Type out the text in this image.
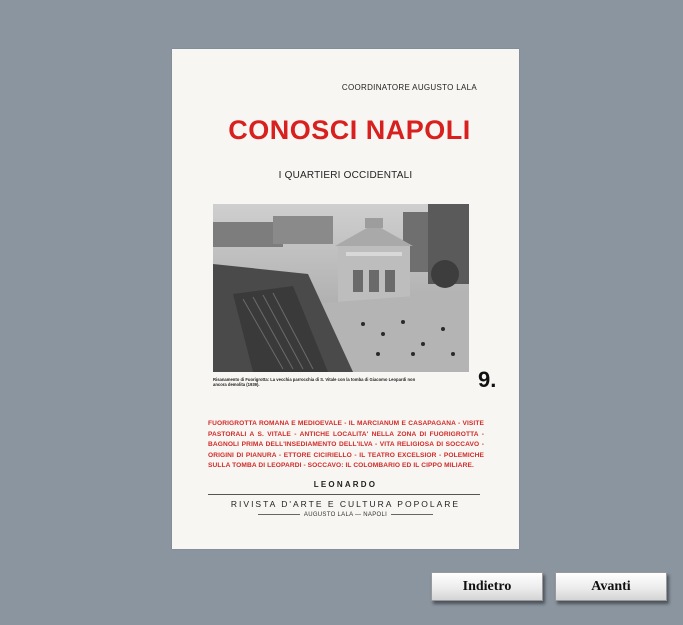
COORDINATORE AUGUSTO LALA
CONOSCI NAPOLI
I QUARTIERI OCCIDENTALI
Risanamento di Fuorigrotta: La vecchia parrocchia di S. Vitale con la tomba di Giacomo Leopardi non ancora demolita (1939).	9.
FUORIGROTTA ROMANA E MEDIOEVALE - IL MARCIANUM E CASAPAGANA - VISITE PASTORALI A S. VITALE - ANTICHE LOCALITA' NELLA ZONA DI FUORIGROTTA - BAGNOLI PRIMA DELL'INSEDIAMENTO DELL'ILVA - VITA RELIGIOSA DI SOCCAVO - ORIGINI DI PIANURA - ETTORE CICIRIELLO - IL TEATRO EXCELSIOR - POLEMICHE SULLA TOMBA DI LEOPARDI - SOCCAVO: IL COLOMBARIO ED IL CIPPO MILIARE.
LEONARDO
RIVISTA D'ARTE E CULTURA POPOLARE
AUGUSTO LALA — NAPOLI
Indietro	Avanti
